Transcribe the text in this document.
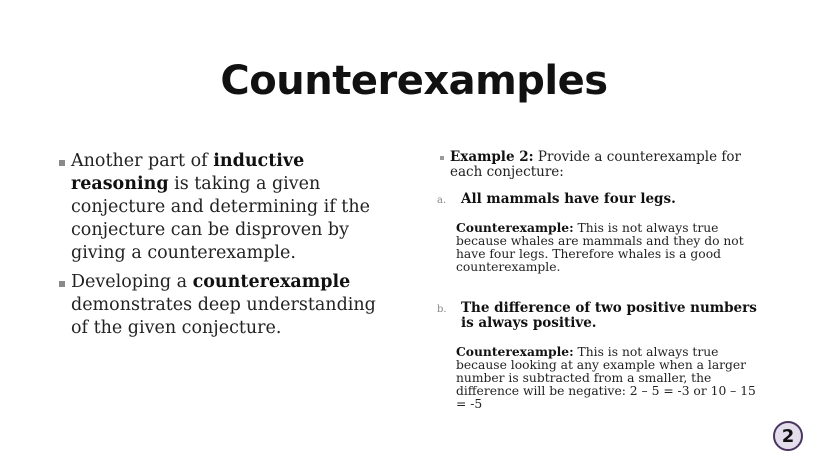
Counterexamples
Another part of inductive reasoning is taking a given conjecture and determining if the conjecture can be disproven by giving a counterexample.
Developing a counterexample demonstrates deep understanding of the given conjecture.
Example 2: Provide a counterexample for each conjecture:
a.	All mammals have four legs.
Counterexample: This is not always true because whales are mammals and they do not have four legs. Therefore whales is a good counterexample.
b.	The difference of two positive numbers is always positive.
Counterexample: This is not always true because looking at any example when a larger number is subtracted from a smaller, the difference will be negative: 2 – 5 = -3 or 10 – 15 = -5
2
